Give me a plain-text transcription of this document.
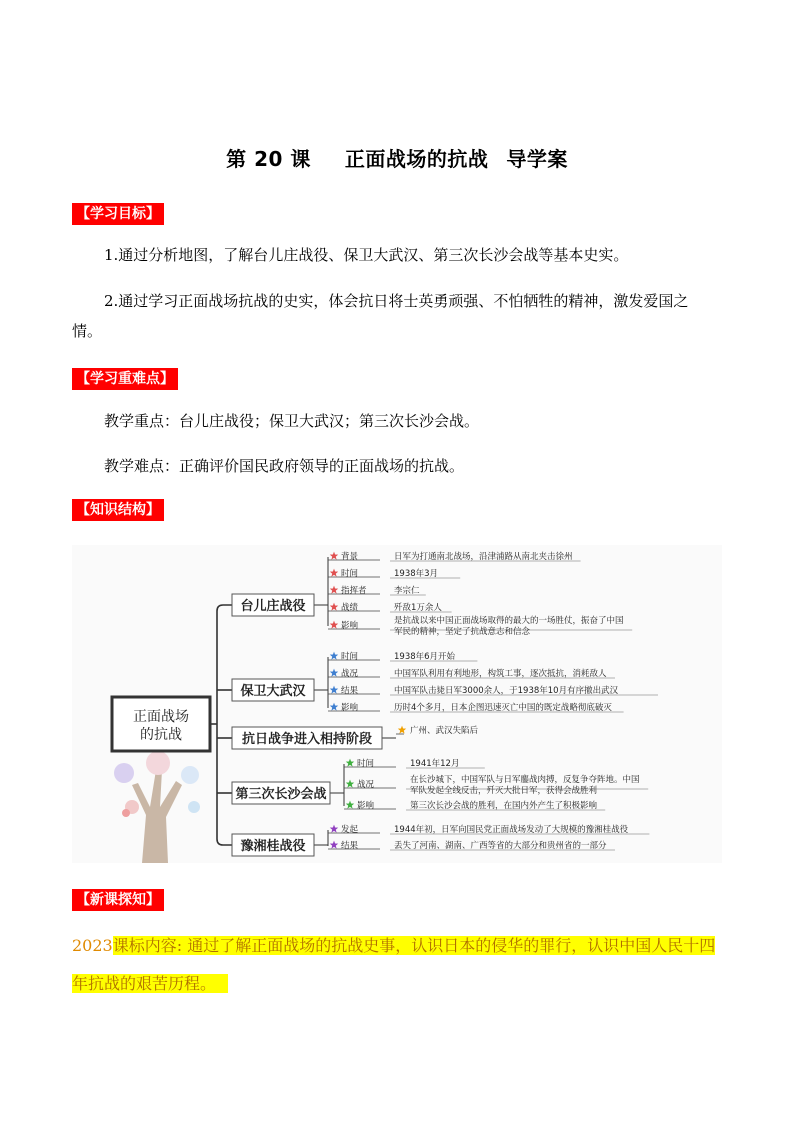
第 20 课 正面战场的抗战 导学案
【学习目标】
1.通过分析地图，了解台儿庄战役、保卫大武汉、第三次长沙会战等基本史实。
2.通过学习正面战场抗战的史实，体会抗日将士英勇顽强、不怕牺牲的精神，激发爱国之
情。
【学习重难点】
教学重点：台儿庄战役；保卫大武汉；第三次长沙会战。
教学难点：正确评价国民政府领导的正面战场的抗战。
【知识结构】
正面战场
的抗战
台儿庄战役
背景	日军为打通南北战场，沿津浦路从南北夹击徐州
时间	1938年3月
指挥者	李宗仁
战绩	歼敌1万余人
影响	是抗战以来中国正面战场取得的最大的一场胜仗，振奋了中国
军民的精神，坚定了抗战意志和信念
保卫大武汉
时间	1938年6月开始
战况	中国军队利用有利地形，构筑工事，逐次抵抗，消耗敌人
结果	中国军队击毙日军3000余人，于1938年10月有序撤出武汉
影响	历时4个多月，日本企图迅速灭亡中国的既定战略彻底破灭
抗日战争进入相持阶段
广州、武汉失陷后
第三次长沙会战
时间	1941年12月
战况	在长沙城下，中国军队与日军鏖战肉搏，反复争夺阵地。中国
军队发起全线反击，歼灭大批日军，获得会战胜利
影响	第三次长沙会战的胜利，在国内外产生了积极影响
豫湘桂战役
发起	1944年初，日军向国民党正面战场发动了大规模的豫湘桂战役
结果	丢失了河南、湖南、广西等省的大部分和贵州省的一部分
【新课探知】
2023课标内容: 通过了解正面战场的抗战史事，认识日本的侵华的罪行，认识中国人民十四
年抗战的艰苦历程。
